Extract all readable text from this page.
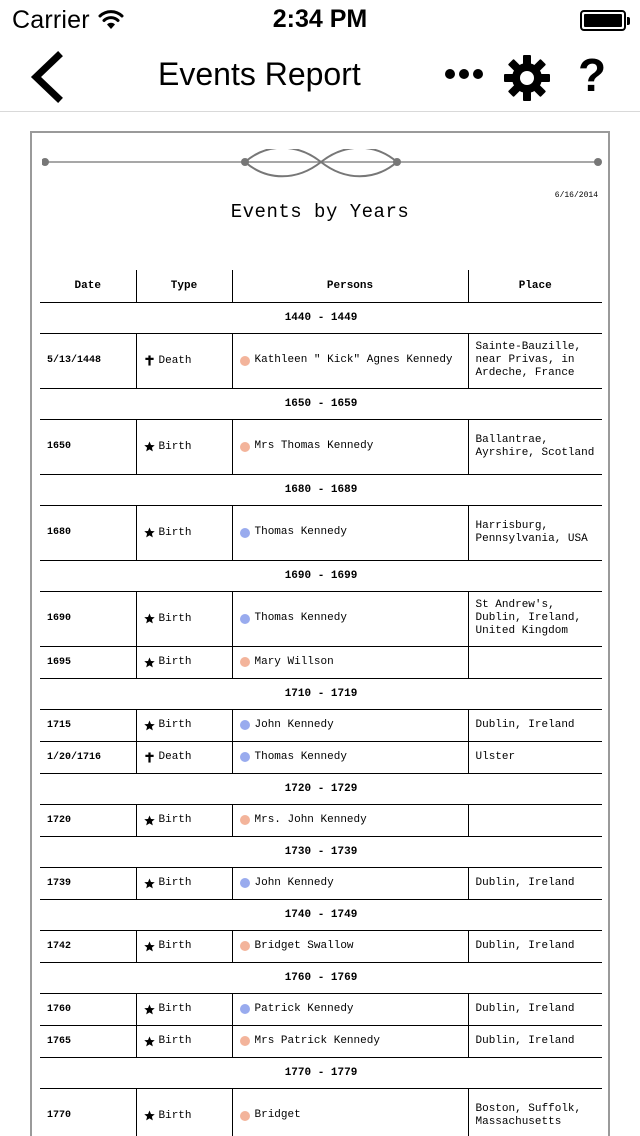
Carrier	2:34 PM
Events Report	?
6/16/2014
Events by Years
Date	Type	Persons	Place
1440 - 1449			
5/13/1448	Death	Kathleen " Kick" Agnes Kennedy	Sainte-Bauzille, near Privas, in Ardeche, France
1650 - 1659			
1650	Birth	Mrs Thomas Kennedy	Ballantrae, Ayrshire, Scotland
1680 - 1689			
1680	Birth	Thomas Kennedy	Harrisburg, Pennsylvania, USA
1690 - 1699			
1690	Birth	Thomas Kennedy	St Andrew's, Dublin, Ireland, United Kingdom
1695	Birth	Mary Willson	

1710 - 1719			
1715	Birth	John Kennedy	Dublin, Ireland
1/20/1716	Death	Thomas Kennedy	Ulster
1720 - 1729			
1720	Birth	Mrs. John Kennedy	

1730 - 1739			
1739	Birth	John Kennedy	Dublin, Ireland
1740 - 1749			
1742	Birth	Bridget Swallow	Dublin, Ireland
1760 - 1769			
1760	Birth	Patrick Kennedy	Dublin, Ireland
1765	Birth	Mrs Patrick Kennedy	Dublin, Ireland
1770 - 1779			
1770	Birth	Bridget	Boston, Suffolk, Massachusetts
